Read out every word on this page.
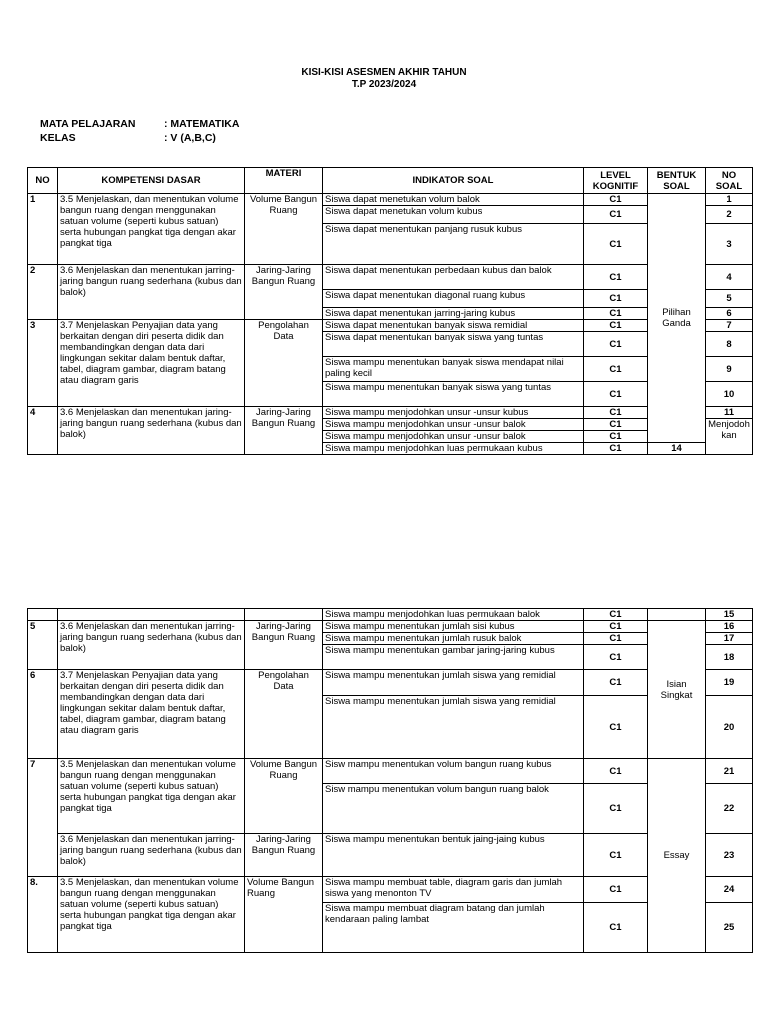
KISI-KISI ASESMEN AKHIR TAHUN
T.P 2023/2024
MATA PELAJARAN	: MATEMATIKA
KELAS	: V (A,B,C)
NO	KOMPETENSI DASAR	MATERI	INDIKATOR SOAL	LEVEL KOGNITIF	BENTUK SOAL	NO SOAL	
1	3.5 Menjelaskan, dan menentukan volume bangun ruang dengan menggunakan satuan volume (seperti kubus satuan) serta hubungan pangkat tiga dengan akar pangkat tiga	Volume Bangun Ruang	Siswa dapat menetukan volum balok	C1	Pilihan Ganda	1	
			Siswa dapat menetukan volum kubus	C1		2	
			Siswa dapat menentukan panjang rusuk kubus	C1		3	
2	3.6 Menjelaskan dan menentukan jarring-jaring bangun ruang sederhana (kubus dan balok)	Jaring-Jaring Bangun Ruang	Siswa dapat menentukan perbedaan kubus dan balok	C1		4	
			Siswa dapat menentukan diagonal ruang kubus	C1		5	
			Siswa dapat menentukan jarring-jaring kubus	C1		6	
3	3.7 Menjelaskan Penyajian data yang berkaitan dengan diri peserta didik dan membandingkan dengan data dari lingkungan sekitar dalam bentuk daftar, tabel, diagram gambar, diagram batang atau diagram garis	Pengolahan Data	Siswa dapat menentukan banyak siswa remidial	C1		7	
			Siswa dapat menentukan banyak siswa yang tuntas	C1		8	
			Siswa mampu menentukan banyak siswa mendapat nilai paling kecil	C1		9	
			Siswa mampu menentukan banyak siswa yang tuntas	C1		10	
4	3.6 Menjelaskan dan menentukan jaring-jaring bangun ruang sederhana (kubus dan balok)	Jaring-Jaring Bangun Ruang	Siswa mampu menjodohkan unsur -unsur kubus	C1		11	
			Siswa mampu menjodohkan unsur -unsur balok	C1		Menjodoh kan	
			Siswa mampu menjodohkan unsur -unsur balok	C1	
			Siswa mampu menjodohkan luas permukaan kubus	C1	14		
			Siswa mampu menjodohkan luas permukaan balok	C1		15
5	3.6 Menjelaskan dan menentukan jarring-jaring bangun ruang sederhana (kubus dan balok)	Jaring-Jaring Bangun Ruang	Siswa mampu menentukan jumlah sisi kubus	C1	Isian Singkat	16
			Siswa mampu menentukan jumlah rusuk balok	C1		17
			Siswa mampu menentukan gambar jaring-jaring kubus	C1		18

6	3.7 Menjelaskan Penyajian data yang berkaitan dengan diri peserta didik dan membandingkan dengan data dari lingkungan sekitar dalam bentuk daftar, tabel, diagram gambar, diagram batang atau diagram garis	Pengolahan Data	Siswa mampu menentukan jumlah siswa yang remidial	C1		19
			Siswa mampu menentukan jumlah siswa yang remidial	C1		20
7	3.5 Menjelaskan dan menentukan volume bangun ruang dengan menggunakan satuan volume (seperti kubus satuan) serta hubungan pangkat tiga dengan akar pangkat tiga	Volume Bangun Ruang	Sisw mampu menentukan volum bangun ruang kubus	C1	Essay	21
			Sisw mampu menentukan volum bangun ruang balok	C1		22
	3.6 Menjelaskan dan menentukan jarring-jaring bangun ruang sederhana (kubus dan balok)	Jaring-Jaring Bangun Ruang	Siswa mampu menentukan bentuk jaing-jaing kubus	C1		23
8.	3.5 Menjelaskan, dan menentukan volume bangun ruang dengan menggunakan satuan volume (seperti kubus satuan) serta hubungan pangkat tiga dengan akar pangkat tiga	Volume Bangun Ruang	Siswa mampu membuat table, diagram garis dan jumlah siswa yang menonton TV	C1		24
			Siswa mampu membuat diagram batang dan jumlah kendaraan paling lambat	C1		25
